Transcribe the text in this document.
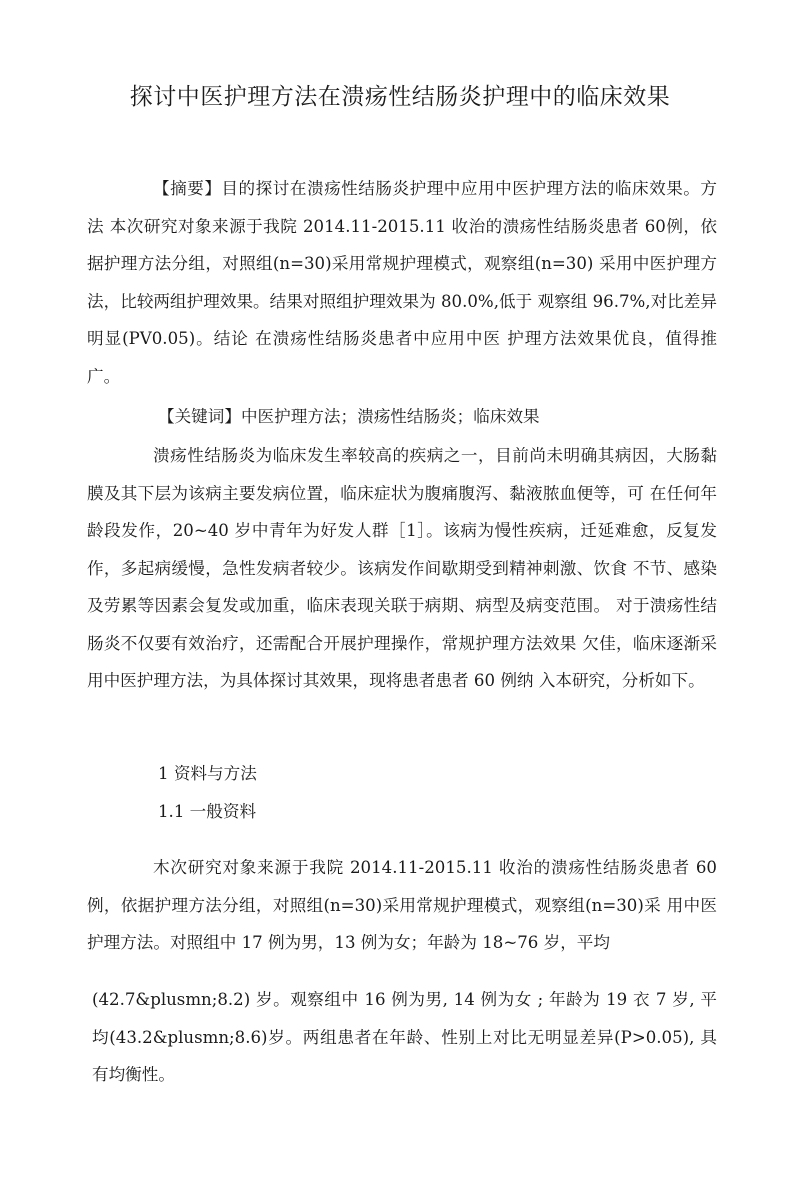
探讨中医护理方法在溃疡性结肠炎护理中的临床效果

【摘要】目的探讨在溃疡性结肠炎护理中应用中医护理方法的临床效果。方法 本次研究对象来源于我院 2014.11-2015.11 收治的溃疡性结肠炎患者 60例，依据护理方法分组，对照组(n=30)采用常规护理模式，观察组(n=30) 采用中医护理方法，比较两组护理效果。结果对照组护理效果为 80.0%,低于 观察组 96.7%,对比差异明显(PV0.05)。结论 在溃疡性结肠炎患者中应用中医 护理方法效果优良，值得推广。

【关键词】中医护理方法；溃疡性结肠炎；临床效果

溃疡性结肠炎为临床发生率较高的疾病之一，目前尚未明确其病因，大肠黏膜及其下层为该病主要发病位置，临床症状为腹痛腹泻、黏液脓血便等，可 在任何年龄段发作，20~40 岁中青年为好发人群［1］。该病为慢性疾病，迁延难愈，反复发作，多起病缓慢，急性发病者较少。该病发作间歇期受到精神刺激、饮食 不节、感染及劳累等因素会复发或加重，临床表现关联于病期、病型及病变范围。 对于溃疡性结肠炎不仅要有效治疗，还需配合开展护理操作，常规护理方法效果 欠佳，临床逐渐采用中医护理方法，为具体探讨其效果，现将患者患者 60 例纳 入本研究，分析如下。

1 资料与方法

1.1 一般资料

木次研究对象来源于我院 2014.11-2015.11 收治的溃疡性结肠炎患者 60例，依据护理方法分组，对照组(n=30)采用常规护理模式，观察组(n=30)采 用中医护理方法。对照组中 17 例为男，13 例为女；年龄为 18~76 岁，平均

(42.7&plusmn;8.2) 岁。观察组中 16 例为男, 14 例为女 ; 年龄为 19 衣 7 岁, 平 均(43.2&plusmn;8.6)岁。两组患者在年龄、性别上对比无明显差异(P>0.05), 具有均衡性。
